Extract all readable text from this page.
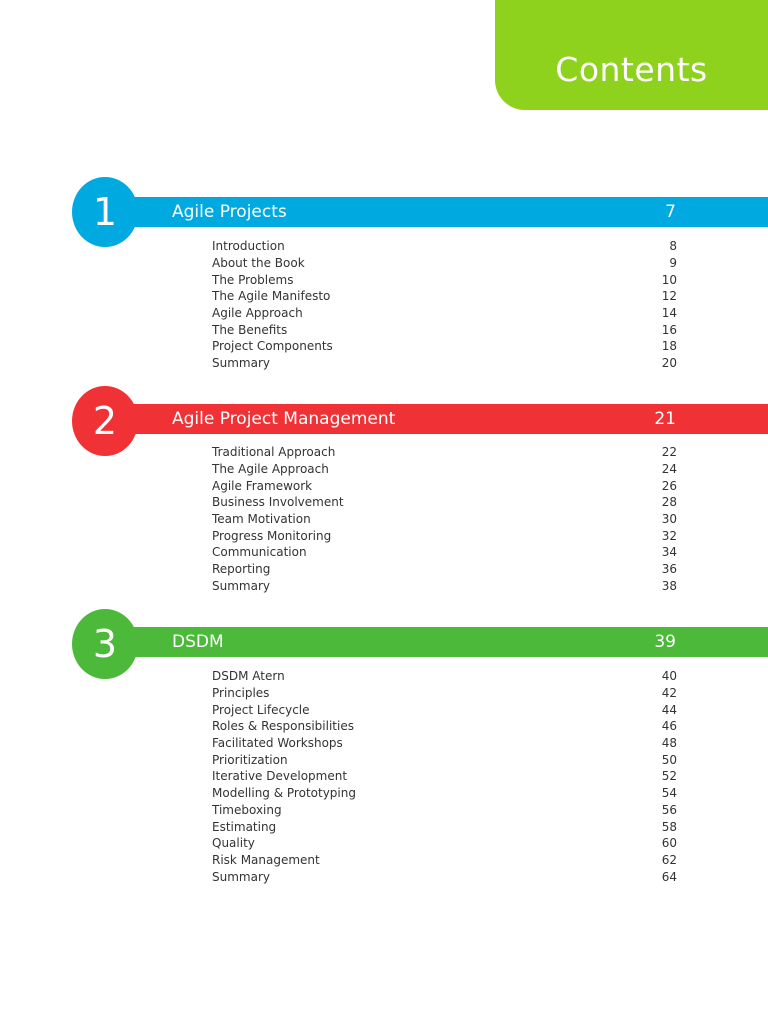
Contents
Agile Projects	7
1
Introduction	8
About the Book	9
The Problems	10
The Agile Manifesto	12
Agile Approach	14
The Benefits	16
Project Components	18
Summary	20
Agile Project Management	21
2
Traditional Approach	22
The Agile Approach	24
Agile Framework	26
Business Involvement	28
Team Motivation	30
Progress Monitoring	32
Communication	34
Reporting	36
Summary	38
DSDM	39
3
DSDM Atern	40
Principles	42
Project Lifecycle	44
Roles & Responsibilities	46
Facilitated Workshops	48
Prioritization	50
Iterative Development	52
Modelling & Prototyping	54
Timeboxing	56
Estimating	58
Quality	60
Risk Management	62
Summary	64
